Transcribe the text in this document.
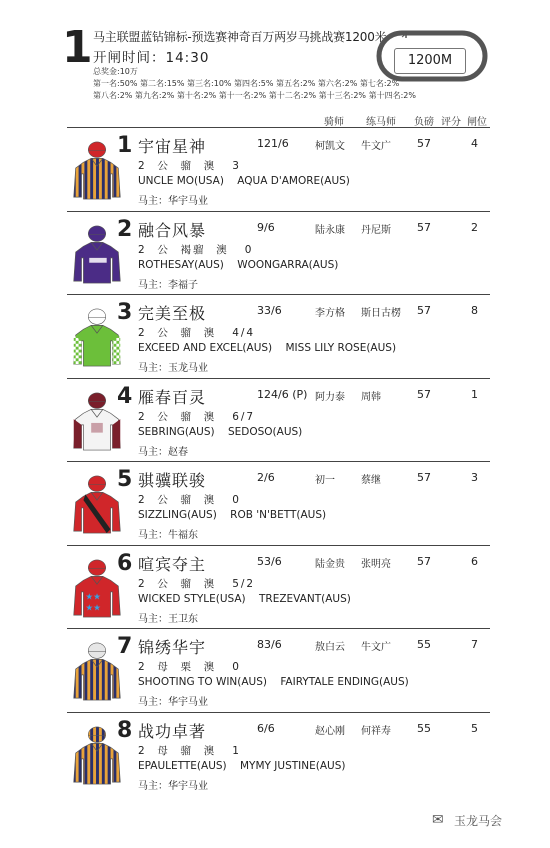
1 马主联盟蓝钻锦标-预选赛神奇百万两岁马挑战赛1200米
开闸时间：14:30
总奖金:10万
第一名:50% 第二名:15% 第三名:10% 第四名:5% 第五名:2% 第六名:2% 第七名:2%
第八名:2% 第九名:2% 第十名:2% 第十一名:2% 第十二名:2% 第十三名:2% 第十四名:2%
1200M
骑师 练马师 负磅 评分 闸位
1 宇宙星神	121/6	柯凯文 牛文广 57	4
2  公  骝  澳   3
UNCLE MO(USA)    AQUA D'AMORE(AUS)
马主：华宇马业
2 融合风暴	9/6	陆永康 丹尼斯 57	2
2  公  褐骝  澳   0
ROTHESAY(AUS)    WOONGARRA(AUS)
马主：李福子
3 完美至极	33/6	李方格 斯日古楞 57	8
2  公  骝  澳   4/4
EXCEED AND EXCEL(AUS)    MISS LILY ROSE(AUS)
马主：玉龙马业
4 雁春百灵	124/6 (P) 阿力泰 周韩	57	1
2  公  骝  澳   6/7
SEBRING(AUS)    SEDOSO(AUS)
马主：赵春
5 骐骥联骏	2/6	初一	蔡继	57	3
2  公  骝  澳   0
SIZZLING(AUS)    ROB 'N'BETT(AUS)
马主：牛福东
★★
★★
6 喧宾夺主	53/6	陆金贵 张明亮 57	6
2  公  骝  澳   5/2
WICKED STYLE(USA)    TREZEVANT(AUS)
马主：王卫东
7 锦绣华宇	83/6	敖白云 牛文广 55	7
2  母  栗  澳   0
SHOOTING TO WIN(AUS)    FAIRYTALE ENDING(AUS)
马主：华宇马业
8 战功卓著	6/6	赵心刚 何祥寿 55	5
2  母  骝  澳   1
EPAULETTE(AUS)    MYMY JUSTINE(AUS)
马主：华宇马业
✉ 玉龙马会
